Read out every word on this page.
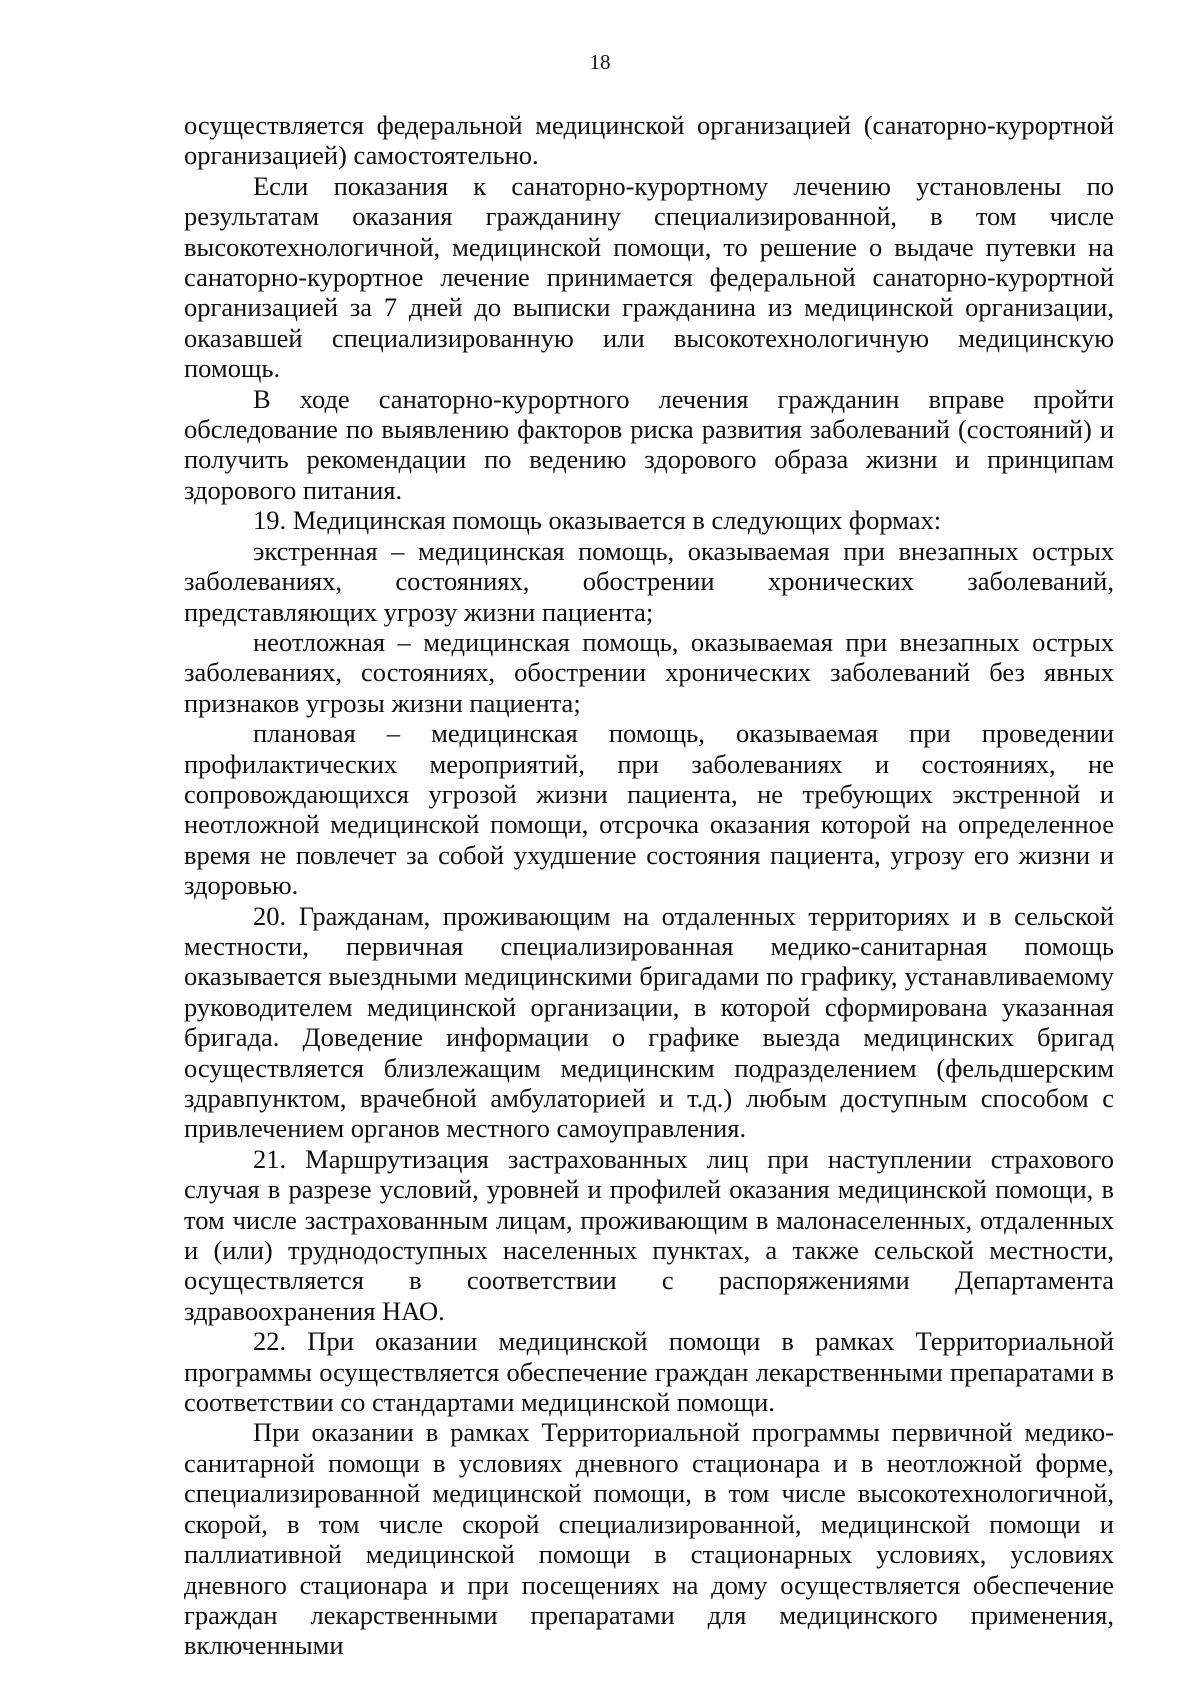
18

осуществляется федеральной медицинской организацией (санаторно-курортной организацией) самостоятельно.

Если показания к санаторно-курортному лечению установлены по результатам оказания гражданину специализированной, в том числе высокотехнологичной, медицинской помощи, то решение о выдаче путевки на санаторно-курортное лечение принимается федеральной санаторно-курортной организацией за 7 дней до выписки гражданина из медицинской организации, оказавшей специализированную или высокотехнологичную медицинскую помощь.

В ходе санаторно-курортного лечения гражданин вправе пройти обследование по выявлению факторов риска развития заболеваний (состояний) и получить рекомендации по ведению здорового образа жизни и принципам здорового питания.

19. Медицинская помощь оказывается в следующих формах:

экстренная – медицинская помощь, оказываемая при внезапных острых заболеваниях, состояниях, обострении хронических заболеваний, представляющих угрозу жизни пациента;

неотложная – медицинская помощь, оказываемая при внезапных острых заболеваниях, состояниях, обострении хронических заболеваний без явных признаков угрозы жизни пациента;

плановая – медицинская помощь, оказываемая при проведении профилактических мероприятий, при заболеваниях и состояниях, не сопровождающихся угрозой жизни пациента, не требующих экстренной и неотложной медицинской помощи, отсрочка оказания которой на определенное время не повлечет за собой ухудшение состояния пациента, угрозу его жизни и здоровью.

20. Гражданам, проживающим на отдаленных территориях и в сельской местности, первичная специализированная медико-санитарная помощь оказывается выездными медицинскими бригадами по графику, устанавливаемому руководителем медицинской организации, в которой сформирована указанная бригада. Доведение информации о графике выезда медицинских бригад осуществляется близлежащим медицинским подразделением (фельдшерским здравпунктом, врачебной амбулаторией и т.д.) любым доступным способом с привлечением органов местного самоуправления.

21. Маршрутизация застрахованных лиц при наступлении страхового случая в разрезе условий, уровней и профилей оказания медицинской помощи, в том числе застрахованным лицам, проживающим в малонаселенных, отдаленных и (или) труднодоступных населенных пунктах, а также сельской местности, осуществляется в соответствии с распоряжениями Департамента здравоохранения НАО.

22. При оказании медицинской помощи в рамках Территориальной программы осуществляется обеспечение граждан лекарственными препаратами в соответствии со стандартами медицинской помощи.

При оказании в рамках Территориальной программы первичной медико-санитарной помощи в условиях дневного стационара и в неотложной форме, специализированной медицинской помощи, в том числе высокотехнологичной, скорой, в том числе скорой специализированной, медицинской помощи и паллиативной медицинской помощи в стационарных условиях, условиях дневного стационара и при посещениях на дому осуществляется обеспечение граждан лекарственными препаратами для медицинского применения, включенными
